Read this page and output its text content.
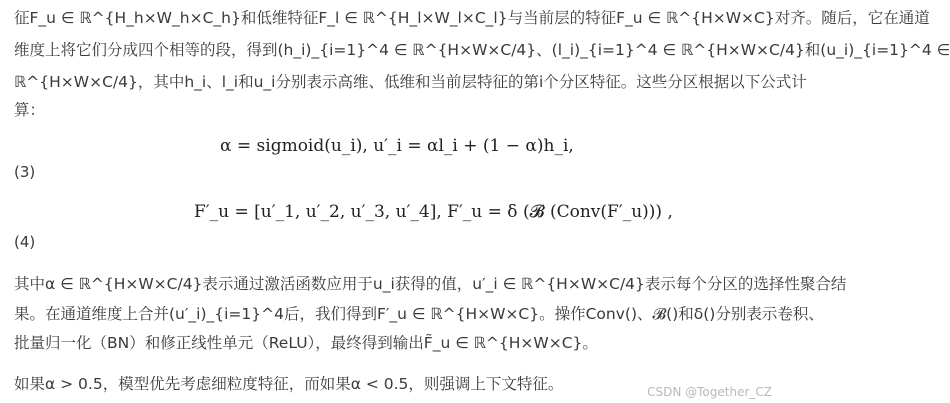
征F_u ∈ ℝ^{H_h×W_h×C_h}和低维特征F_l ∈ ℝ^{H_l×W_l×C_l}与当前层的特征F_u ∈ ℝ^{H×W×C}对齐。随后，它在通道
维度上将它们分成四个相等的段，得到(h_i)_{i=1}^4 ∈ ℝ^{H×W×C/4}、(l_i)_{i=1}^4 ∈ ℝ^{H×W×C/4}和(u_i)_{i=1}^4 ∈
ℝ^{H×W×C/4}，其中h_i、l_i和u_i分别表示高维、低维和当前层特征的第i个分区特征。这些分区根据以下公式计
算：
α = sigmoid(u_i), u′_i = αl_i + (1 − α)h_i,
(3)
F′_u = [u′_1, u′_2, u′_3, u′_4], F′_u = δ (𝓑 (Conv(F′_u))) ,
(4)
其中α ∈ ℝ^{H×W×C/4}表示通过激活函数应用于u_i获得的值，u′_i ∈ ℝ^{H×W×C/4}表示每个分区的选择性聚合结
果。在通道维度上合并(u′_i)_{i=1}^4后，我们得到F′_u ∈ ℝ^{H×W×C}。操作Conv()、𝓑()和δ()分别表示卷积、
批量归一化（BN）和修正线性单元（ReLU），最终得到输出F̃_u ∈ ℝ^{H×W×C}。
如果α > 0.5，模型优先考虑细粒度特征，而如果α < 0.5，则强调上下文特征。	CSDN @Together_CZ
